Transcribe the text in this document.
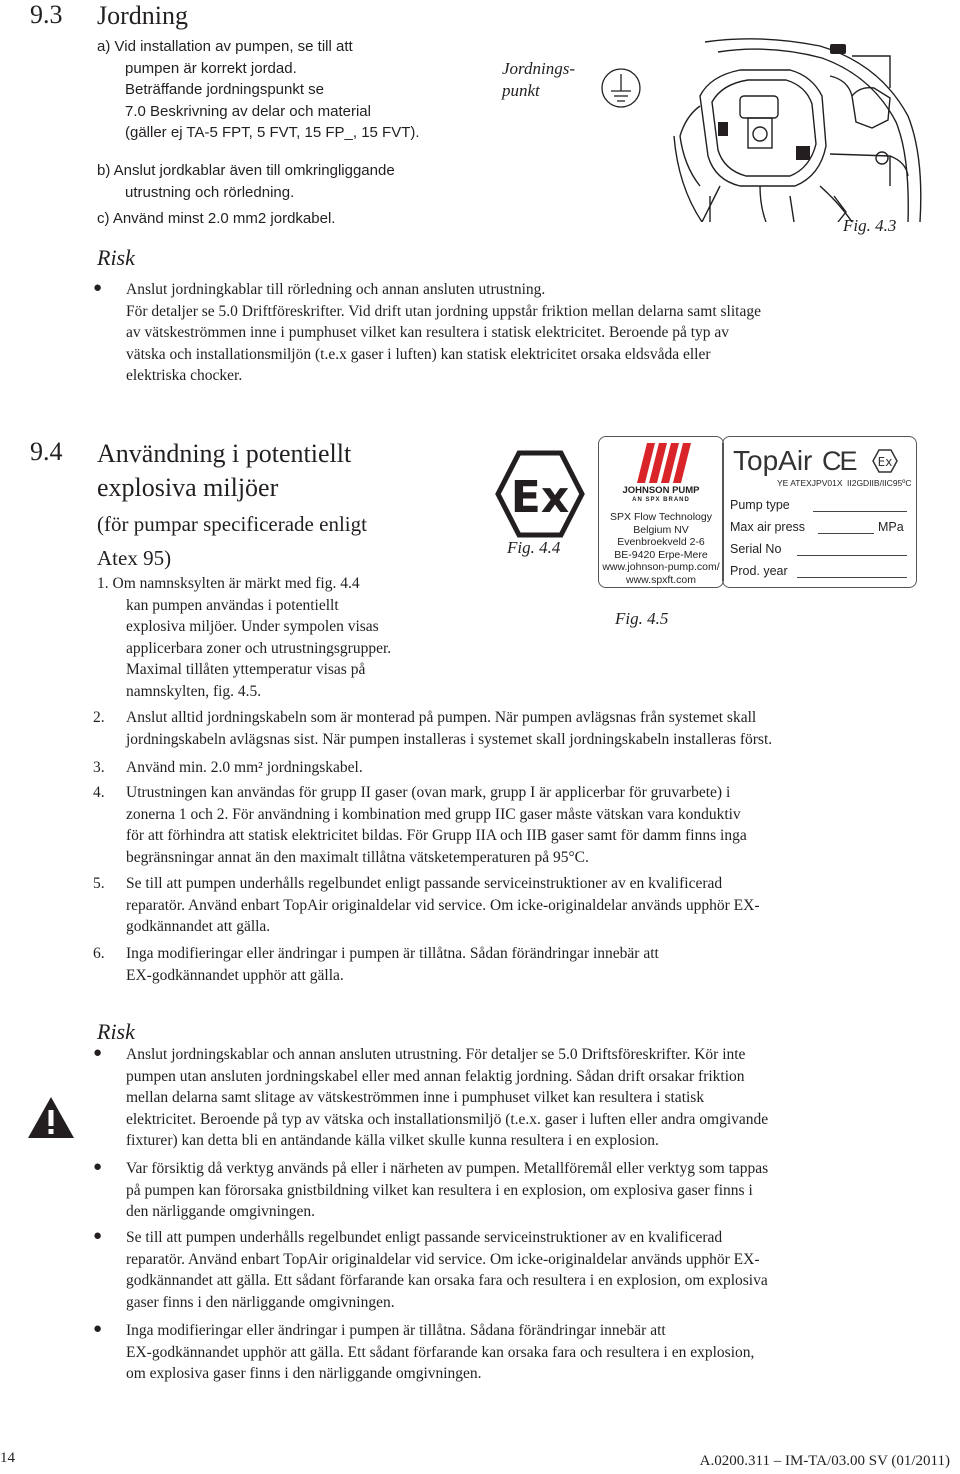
9.3 Jordning
a) Vid installation av pumpen, se till att
pumpen är korrekt jordad.
Beträffande jordningspunkt se
7.0 Beskrivning av delar och material
(gäller ej TA-5 FPT, 5 FVT, 15 FP_, 15 FVT).
b) Anslut jordkablar även till omkringliggande
utrustning och rörledning.
c) Använd minst 2.0 mm2 jordkabel.
Jordnings-
punkt
Fig. 4.3
Risk
● Anslut jordningkablar till rörledning och annan ansluten utrustning.
För detaljer se 5.0 Driftföreskrifter. Vid drift utan jordning uppstår friktion mellan delarna samt slitage
av vätskeströmmen inne i pumphuset vilket kan resultera i statisk elektricitet. Beroende på typ av
vätska och installationsmiljön (t.e.x gaser i luften) kan statisk elektricitet orsaka eldsvåda eller
elektriska chocker.
9.4 Användning i potentiellt
explosiva miljöer
(för pumpar specificerade enligt
Atex 95)
1. Om namnsksylten är märkt med fig. 4.4
kan pumpen användas i potentiellt
explosiva miljöer. Under sympolen visas
applicerbara zoner och utrustningsgrupper.
Maximal tillåten yttemperatur visas på
namnskylten, fig. 4.5.
Ex
Fig. 4.4
JOHNSON PUMP
AN SPX BRAND
SPX Flow Technology
Belgium NV
Evenbroekveld 2-6
BE-9420 Erpe-Mere
www.johnson-pump.com/
www.spxft.com
TopAir CE Ex
YE ATEXJPV01X II2GDIIB/IIC95ºC
Pump type
Max air press	MPa
Serial No
Prod. year
Fig. 4.5
2. Anslut alltid jordningskabeln som är monterad på pumpen. När pumpen avlägsnas från systemet skall
jordningskabeln avlägsnas sist. När pumpen installeras i systemet skall jordningskabeln installeras först.
3. Använd min. 2.0 mm² jordningskabel.
4. Utrustningen kan användas för grupp II gaser (ovan mark, grupp I är applicerbar för gruvarbete) i
zonerna 1 och 2. För användning i kombination med grupp IIC gaser måste vätskan vara konduktiv
för att förhindra att statisk elektricitet bildas. För Grupp IIA och IIB gaser samt för damm finns inga
begränsningar annat än den maximalt tillåtna vätsketemperaturen på 95°C.
5. Se till att pumpen underhålls regelbundet enligt passande serviceinstruktioner av en kvalificerad
reparatör. Använd enbart TopAir originaldelar vid service. Om icke-originaldelar används upphör EX-
godkännandet att gälla.
6. Inga modifieringar eller ändringar i pumpen är tillåtna. Sådan förändringar innebär att
EX-godkännandet upphör att gälla.
Risk
● Anslut jordningskablar och annan ansluten utrustning. För detaljer se 5.0 Driftsföreskrifter. Kör inte
pumpen utan ansluten jordningskabel eller med annan felaktig jordning. Sådan drift orsakar friktion
mellan delarna samt slitage av vätskeströmmen inne i pumphuset vilket kan resultera i statisk
elektricitet. Beroende på typ av vätska och installationsmiljö (t.e.x. gaser i luften eller andra omgivande
fixturer) kan detta bli en antändande källa vilket skulle kunna resultera i en explosion.
● Var försiktig då verktyg används på eller i närheten av pumpen. Metallföremål eller verktyg som tappas
på pumpen kan förorsaka gnistbildning vilket kan resultera i en explosion, om explosiva gaser finns i
den närliggande omgivningen.
● Se till att pumpen underhålls regelbundet enligt passande serviceinstruktioner av en kvalificerad
reparatör. Använd enbart TopAir originaldelar vid service. Om icke-originaldelar används upphör EX-
godkännandet att gälla. Ett sådant förfarande kan orsaka fara och resultera i en explosion, om explosiva
gaser finns i den närliggande omgivningen.
● Inga modifieringar eller ändringar i pumpen är tillåtna. Sådana förändringar innebär att
EX-godkännandet upphör att gälla. Ett sådant förfarande kan orsaka fara och resultera i en explosion,
om explosiva gaser finns i den närliggande omgivningen.
14	A.0200.311 – IM-TA/03.00 SV (01/2011)
